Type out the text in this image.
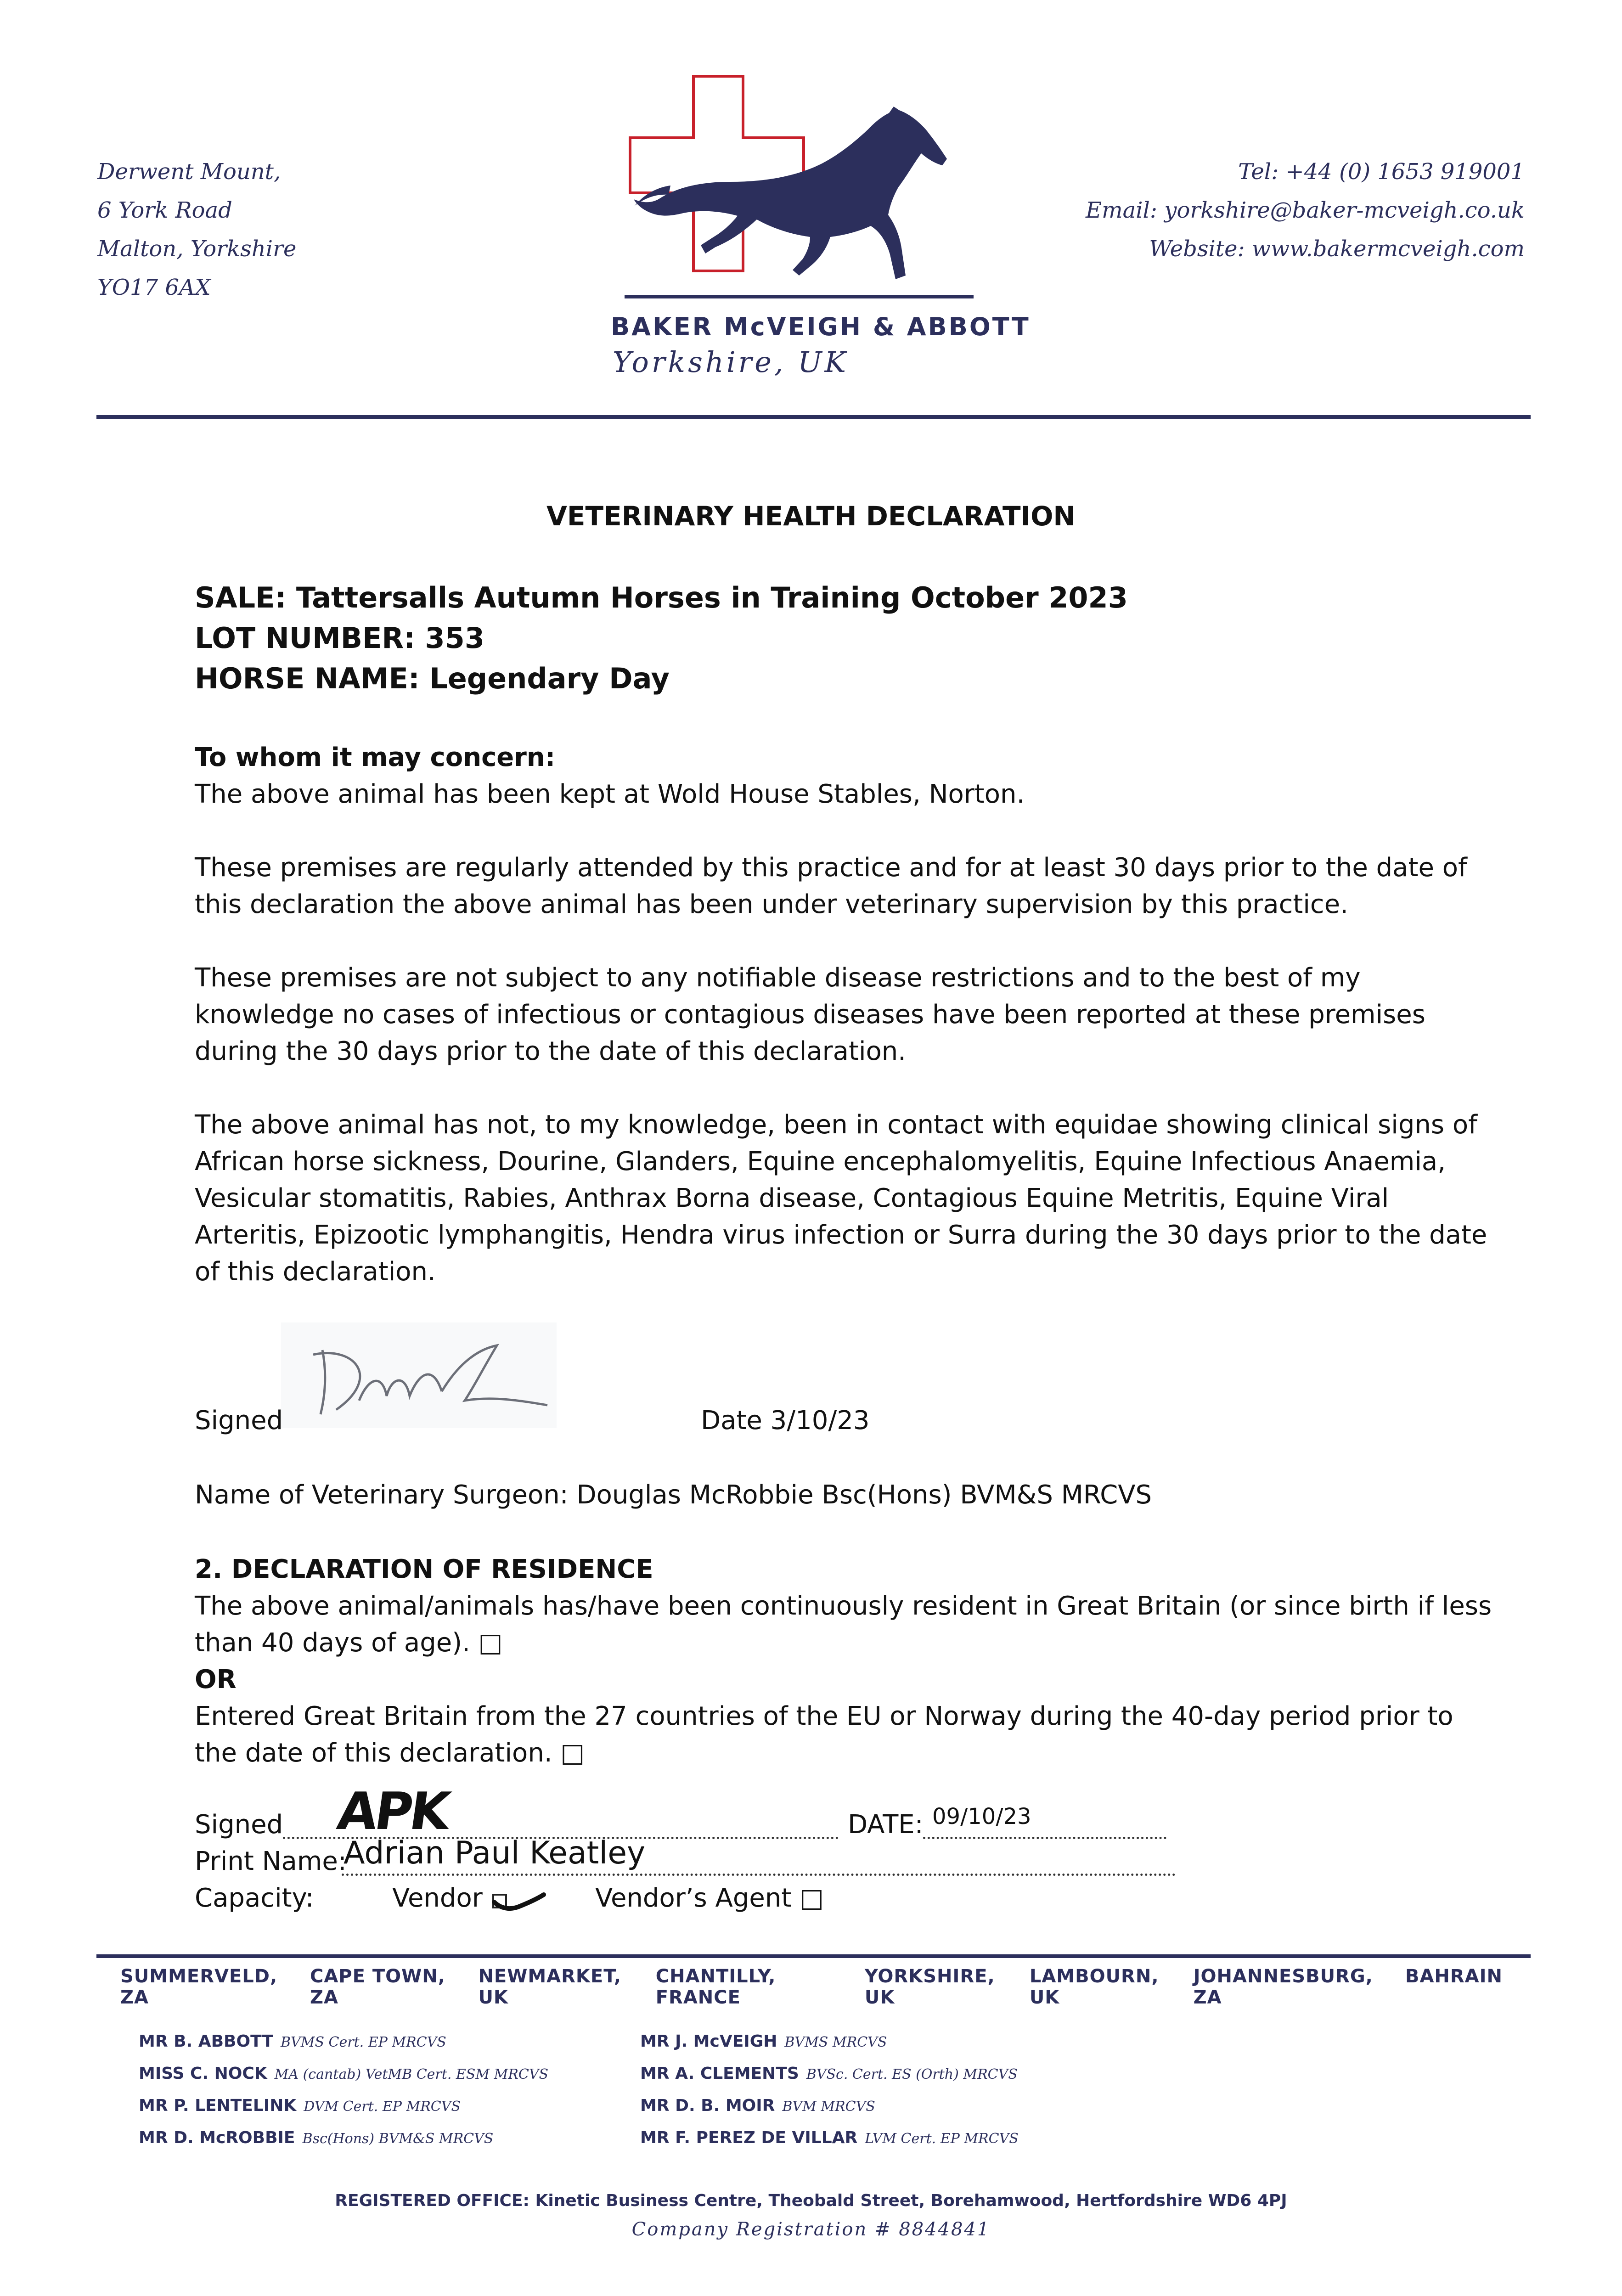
Derwent Mount,
6 York Road
Malton, Yorkshire
YO17 6AX
BAKER McVEIGH & ABBOTT
Yorkshire, UK
Tel: +44 (0) 1653 919001
Email: yorkshire@baker-mcveigh.co.uk
Website: www.bakermcveigh.com
VETERINARY HEALTH DECLARATION
SALE: Tattersalls Autumn Horses in Training October 2023
LOT NUMBER: 353
HORSE NAME: Legendary Day
To whom it may concern:
The above animal has been kept at Wold House Stables, Norton.
These premises are regularly attended by this practice and for at least 30 days prior to the date of
this declaration the above animal has been under veterinary supervision by this practice.
These premises are not subject to any notifiable disease restrictions and to the best of my
knowledge no cases of infectious or contagious diseases have been reported at these premises
during the 30 days prior to the date of this declaration.
The above animal has not, to my knowledge, been in contact with equidae showing clinical signs of
African horse sickness, Dourine, Glanders, Equine encephalomyelitis, Equine Infectious Anaemia,
Vesicular stomatitis, Rabies, Anthrax Borna disease, Contagious Equine Metritis, Equine Viral
Arteritis, Epizootic lymphangitis, Hendra virus infection or Surra during the 30 days prior to the date
of this declaration.
Signed	Date 3/10/23
Name of Veterinary Surgeon: Douglas McRobbie Bsc(Hons) BVM&S MRCVS
2. DECLARATION OF RESIDENCE
The above animal/animals has/have been continuously resident in Great Britain (or since birth if less
than 40 days of age). □
OR
Entered Great Britain from the 27 countries of the EU or Norway during the 40-day period prior to
the date of this declaration. □
Signed APK	DATE: 09/10/23
Print Name:
Adrian Paul Keatley
Capacity:	Vendor	Vendor’s Agent □
SUMMERVELD, ZA
CAPE TOWN, ZA
NEWMARKET, UK
CHANTILLY, FRANCE
YORKSHIRE, UK
LAMBOURN, UK
JOHANNESBURG, ZA
BAHRAIN
MR B. ABBOTT BVMS Cert. EP MRCVS
MISS C. NOCK MA (cantab) VetMB Cert. ESM MRCVS
MR P. LENTELINK DVM Cert. EP MRCVS
MR D. McROBBIE Bsc(Hons) BVM&S MRCVS
MR J. McVEIGH BVMS MRCVS
MR A. CLEMENTS BVSc. Cert. ES (Orth) MRCVS
MR D. B. MOIR BVM MRCVS
MR F. PEREZ DE VILLAR LVM Cert. EP MRCVS
REGISTERED OFFICE: Kinetic Business Centre, Theobald Street, Borehamwood, Hertfordshire WD6 4PJ
Company Registration # 8844841
